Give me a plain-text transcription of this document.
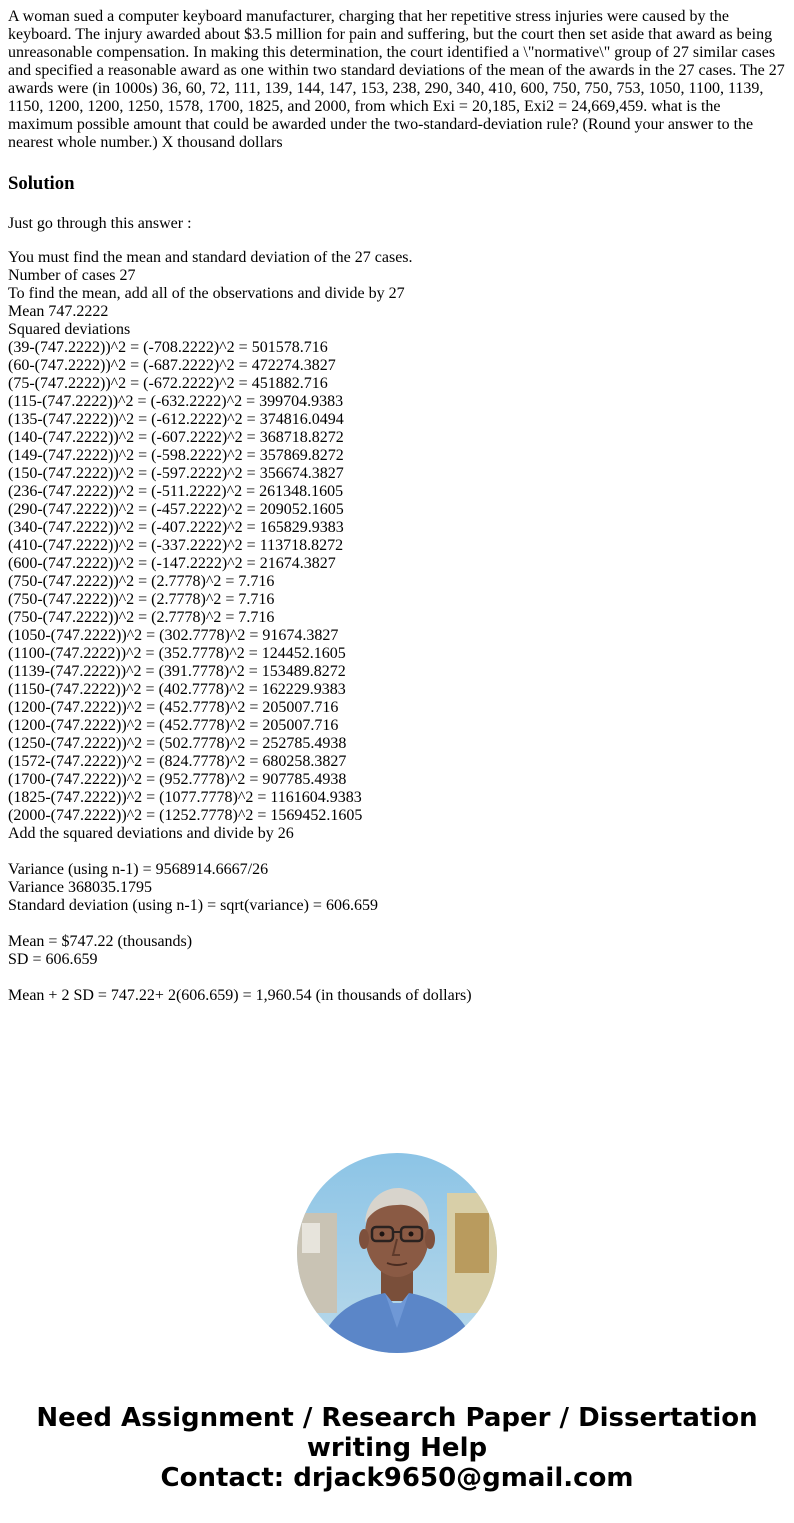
A woman sued a computer keyboard manufacturer, charging that her repetitive stress injuries were caused by the keyboard. The injury awarded about $3.5 million for pain and suffering, but the court then set aside that award as being unreasonable compensation. In making this determination, the court identified a \"normative\" group of 27 similar cases and specified a reasonable award as one within two standard deviations of the mean of the awards in the 27 cases. The 27 awards were (in 1000s) 36, 60, 72, 111, 139, 144, 147, 153, 238, 290, 340, 410, 600, 750, 750, 753, 1050, 1100, 1139, 1150, 1200, 1200, 1250, 1578, 1700, 1825, and 2000, from which Exi = 20,185, Exi2 = 24,669,459. what is the maximum possible amount that could be awarded under the two-standard-deviation rule? (Round your answer to the nearest whole number.) X thousand dollars

Solution

Just go through this answer :

You must find the mean and standard deviation of the 27 cases.
Number of cases 27
To find the mean, add all of the observations and divide by 27
Mean 747.2222
Squared deviations
(39-(747.2222))^2 = (-708.2222)^2 = 501578.716
(60-(747.2222))^2 = (-687.2222)^2 = 472274.3827
(75-(747.2222))^2 = (-672.2222)^2 = 451882.716
(115-(747.2222))^2 = (-632.2222)^2 = 399704.9383
(135-(747.2222))^2 = (-612.2222)^2 = 374816.0494
(140-(747.2222))^2 = (-607.2222)^2 = 368718.8272
(149-(747.2222))^2 = (-598.2222)^2 = 357869.8272
(150-(747.2222))^2 = (-597.2222)^2 = 356674.3827
(236-(747.2222))^2 = (-511.2222)^2 = 261348.1605
(290-(747.2222))^2 = (-457.2222)^2 = 209052.1605
(340-(747.2222))^2 = (-407.2222)^2 = 165829.9383
(410-(747.2222))^2 = (-337.2222)^2 = 113718.8272
(600-(747.2222))^2 = (-147.2222)^2 = 21674.3827
(750-(747.2222))^2 = (2.7778)^2 = 7.716
(750-(747.2222))^2 = (2.7778)^2 = 7.716
(750-(747.2222))^2 = (2.7778)^2 = 7.716
(1050-(747.2222))^2 = (302.7778)^2 = 91674.3827
(1100-(747.2222))^2 = (352.7778)^2 = 124452.1605
(1139-(747.2222))^2 = (391.7778)^2 = 153489.8272
(1150-(747.2222))^2 = (402.7778)^2 = 162229.9383
(1200-(747.2222))^2 = (452.7778)^2 = 205007.716
(1200-(747.2222))^2 = (452.7778)^2 = 205007.716
(1250-(747.2222))^2 = (502.7778)^2 = 252785.4938
(1572-(747.2222))^2 = (824.7778)^2 = 680258.3827
(1700-(747.2222))^2 = (952.7778)^2 = 907785.4938
(1825-(747.2222))^2 = (1077.7778)^2 = 1161604.9383
(2000-(747.2222))^2 = (1252.7778)^2 = 1569452.1605
Add the squared deviations and divide by 26
Variance (using n-1) = 9568914.6667/26
Variance 368035.1795
Standard deviation (using n-1) = sqrt(variance) = 606.659
Mean = $747.22 (thousands)
SD = 606.659
Mean + 2 SD = 747.22+ 2(606.659) = 1,960.54 (in thousands of dollars)
Need Assignment / Research Paper / Dissertation
writing Help
Contact: drjack9650@gmail.com
